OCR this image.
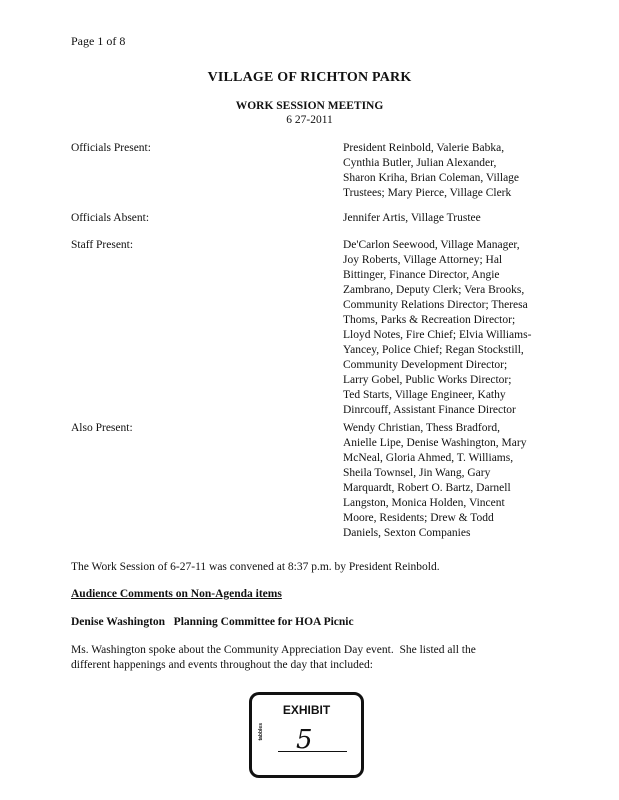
Page 1 of 8
VILLAGE OF RICHTON PARK
WORK SESSION MEETING
6 27-2011
Officials Present:	President Reinbold, Valerie Babka,
Cynthia Butler, Julian Alexander,
Sharon Kriha, Brian Coleman, Village
Trustees; Mary Pierce, Village Clerk
Officials Absent:	Jennifer Artis, Village Trustee
Staff Present:	De'Carlon Seewood, Village Manager,
Joy Roberts, Village Attorney; Hal
Bittinger, Finance Director, Angie
Zambrano, Deputy Clerk; Vera Brooks,
Community Relations Director; Theresa
Thoms, Parks & Recreation Director;
Lloyd Notes, Fire Chief; Elvia Williams-
Yancey, Police Chief; Regan Stockstill,
Community Development Director;
Larry Gobel, Public Works Director;
Ted Starts, Village Engineer, Kathy
Dinrcouff, Assistant Finance Director
Also Present:	Wendy Christian, Thess Bradford,
Anielle Lipe, Denise Washington, Mary
McNeal, Gloria Ahmed, T. Williams,
Sheila Townsel, Jin Wang, Gary
Marquardt, Robert O. Bartz, Darnell
Langston, Monica Holden, Vincent
Moore, Residents; Drew & Todd
Daniels, Sexton Companies
The Work Session of 6-27-11 was convened at 8:37 p.m. by President Reinbold.
Audience Comments on Non-Agenda items
Denise Washington   Planning Committee for HOA Picnic
Ms. Washington spoke about the Community Appreciation Day event.  She listed all the
different happenings and events throughout the day that included:
tabbles
EXHIBIT
5
